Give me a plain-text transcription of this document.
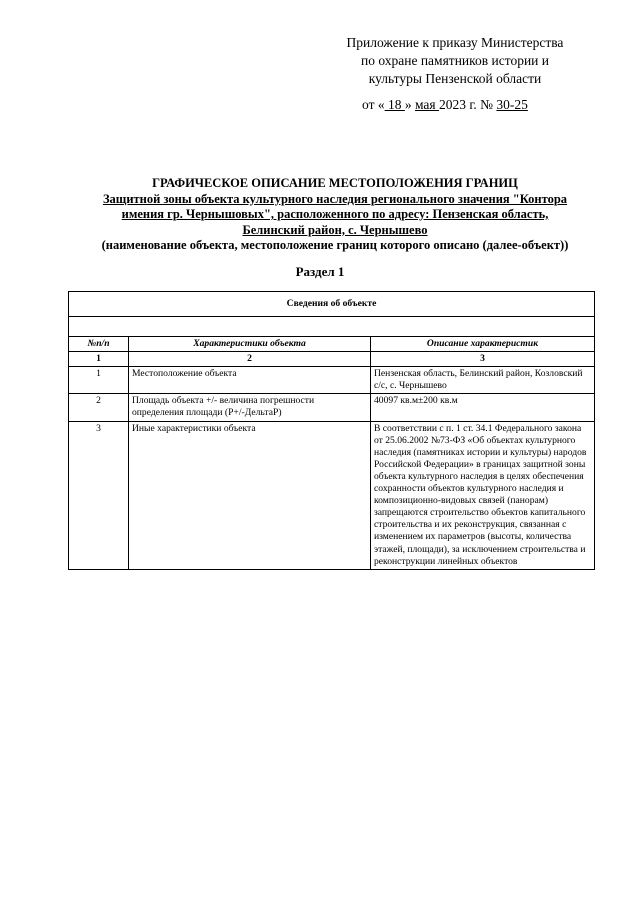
Приложение к приказу Министерства
по охране памятников истории и
культуры Пензенской области
от « 18 » мая 2023 г. № 30-25
ГРАФИЧЕСКОЕ ОПИСАНИЕ МЕСТОПОЛОЖЕНИЯ ГРАНИЦ
Защитной зоны объекта культурного наследия регионального значения "Контора
имения гр. Чернышовых", расположенного по адресу: Пензенская область,
Белинский район, с. Чернышево
(наименование объекта, местоположение границ которого описано (далее-объект))
Раздел 1
Сведения об объекте		

№п/п	Характеристики объекта	Описание характеристик
1	2	3
1	Местоположение объекта	Пензенская область, Белинский район, Козловский с/с, с. Чернышево
2	Площадь объекта +/- величина погрешности определения площади (Р+/-ДельтаР)	40097 кв.м±200 кв.м
3	Иные характеристики объекта	В соответствии с п. 1 ст. 34.1 Федерального закона от 25.06.2002 №73-ФЗ «Об объектах культурного наследия (памятниках истории и культуры) народов Российской Федерации» в границах защитной зоны объекта культурного наследия в целях обеспечения сохранности объектов культурного наследия и композиционно-видовых связей (панорам) запрещаются строительство объектов капитального строительства и их реконструкция, связанная с изменением их параметров (высоты, количества этажей, площади), за исключением строительства и реконструкции линейных объектов
